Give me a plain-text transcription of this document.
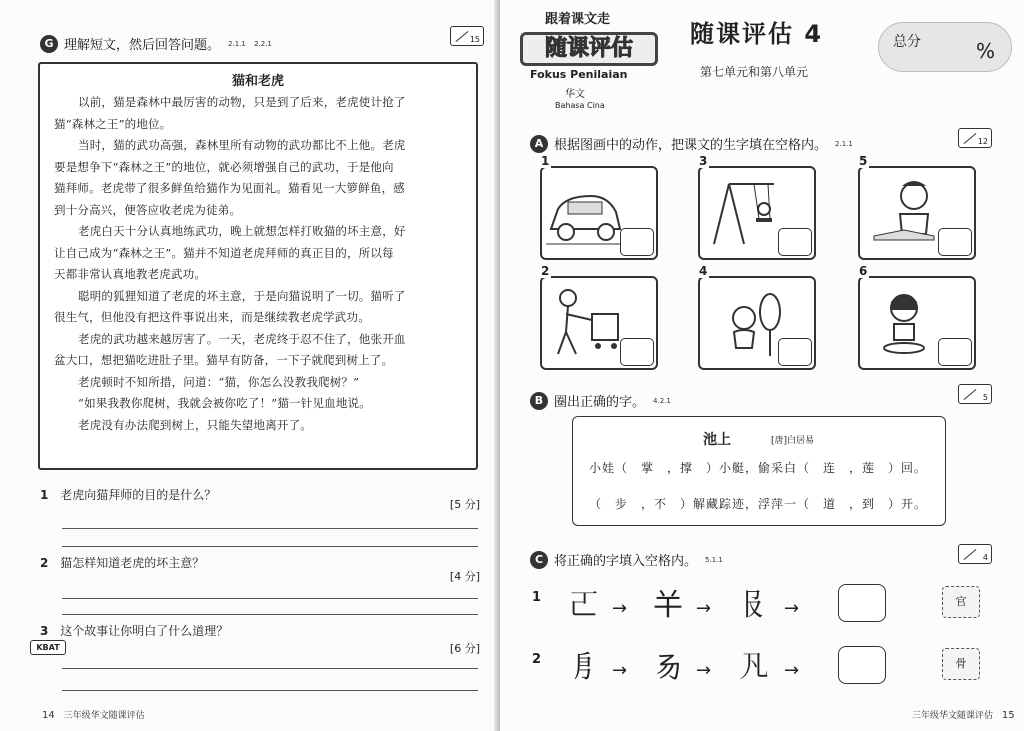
G 理解短文，然后回答问题。 2.1.1 2.2.1	15
猫和老虎
以前，猫是森林中最厉害的动物，只是到了后来，老虎使计抢了
猫“森林之王”的地位。
当时，猫的武功高强，森林里所有动物的武功都比不上他。老虎
要是想争下“森林之王”的地位，就必须增强自己的武功，于是他向
猫拜师。老虎带了很多鲜鱼给猫作为见面礼。猫看见一大箩鲜鱼，感
到十分高兴，便答应收老虎为徒弟。
老虎白天十分认真地练武功，晚上就想怎样打败猫的坏主意，好
让自己成为“森林之王”。猫并不知道老虎拜师的真正目的，所以每
天都非常认真地教老虎武功。
聪明的狐狸知道了老虎的坏主意，于是向猫说明了一切。猫听了
很生气，但他没有把这件事说出来，而是继续教老虎学武功。
老虎的武功越来越厉害了。一天，老虎终于忍不住了，他张开血
盆大口，想把猫吃进肚子里。猫早有防备，一下子就爬到树上了。
老虎顿时不知所措，问道：“猫，你怎么没教我爬树？”
“如果我教你爬树，我就会被你吃了！”猫一针见血地说。
老虎没有办法爬到树上，只能失望地离开了。
1 老虎向猫拜师的目的是什么？
[5 分]
2 猫怎样知道老虎的坏主意？
[4 分]
3 这个故事让你明白了什么道理？
[6 分]
KBAT
14 三年级华文随课评估
跟着课文走
随课评估
Fokus Penilaian
华文
Bahasa Cina
随课评估 4
第七单元和第八单元
总分	%
A 根据图画中的动作，把课文的生字填在空格内。 2.1.1	12
1
2
3
4
5
6
B 圈出正确的字。 4.2.1	5
池上	[唐]白居易
小娃（　掌　，撑　）小艇，偷采白（　连　，莲　）回。
（　步　，不　）解藏踪迹，浮萍一（　道　，到　）开。
C 将正确的字填入空格内。 5.1.1	4
1 𠀀 → 𢆉 → 𠬝 →	官
2 㐆 → 𠃓 → 𠁽 →	骨
三年级华文随课评估 15
